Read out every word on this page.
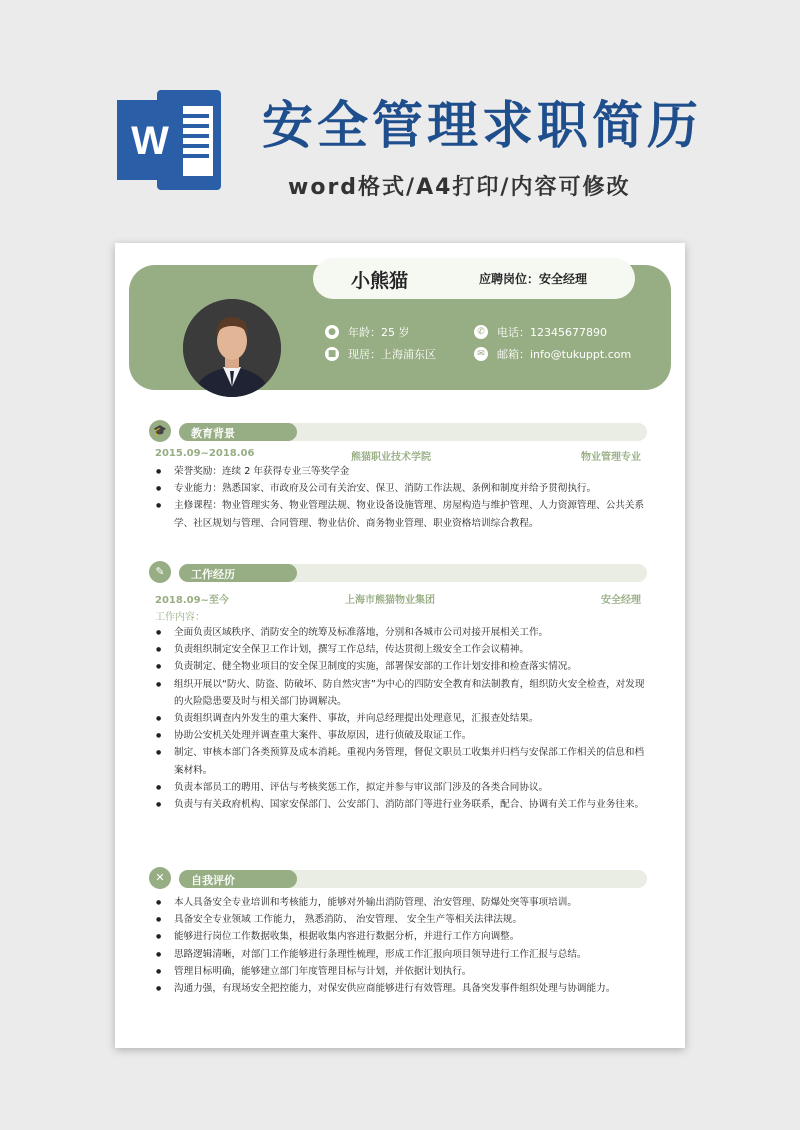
W 安全管理求职简历
word格式/A4打印/内容可修改
小熊猫	应聘岗位：安全经理
● 年龄：25 岁
■ 现居：上海浦东区
✆ 电话：12345677890
✉ 邮箱：info@tukuppt.com
🎓	教育背景
2015.09~2018.06	熊猫职业技术学院	物业管理专业
● 荣誉奖励：连续 2 年获得专业三等奖学金
● 专业能力：熟悉国家、市政府及公司有关治安、保卫、消防工作法规、条例和制度并给予贯彻执行。
● 主修课程：物业管理实务、物业管理法规、物业设备设施管理、房屋构造与维护管理、人力资源管理、公共关系学、社区规划与管理、合同管理、物业估价、商务物业管理、职业资格培训综合教程。
✎	工作经历
2018.09~至今	上海市熊猫物业集团	安全经理
工作内容：
● 全面负责区域秩序、消防安全的统筹及标准落地，分别和各城市公司对接开展相关工作。
● 负责组织制定安全保卫工作计划，撰写工作总结，传达贯彻上级安全工作会议精神。
● 负责制定、健全物业项目的安全保卫制度的实施，部署保安部的工作计划安排和检查落实情况。
● 组织开展以“防火、防盗、防破坏、防自然灾害”为中心的四防安全教育和法制教育，组织防火安全检查，对发现的火险隐患要及时与相关部门协调解决。
● 负责组织调查内外发生的重大案件、事故，并向总经理提出处理意见，汇报查处结果。
● 协助公安机关处理并调查重大案件、事故原因，进行侦破及取证工作。
● 制定、审核本部门各类预算及成本消耗。重视内务管理，督促文职员工收集并归档与安保部工作相关的信息和档案材料。
● 负责本部员工的聘用、评估与考核奖惩工作，拟定并参与审议部门涉及的各类合同协议。
● 负责与有关政府机构、国家安保部门、公安部门、消防部门等进行业务联系，配合、协调有关工作与业务往来。
✕	自我评价
● 本人具备安全专业培训和考核能力，能够对外输出消防管理、治安管理、防爆处突等事项培训。
● 具备安全专业领域 工作能力， 熟悉消防、 治安管理、 安全生产等相关法律法规。
● 能够进行岗位工作数据收集，根据收集内容进行数据分析，并进行工作方向调整。
● 思路逻辑清晰，对部门工作能够进行条理性梳理，形成工作汇报向项目领导进行工作汇报与总结。
● 管理目标明确，能够建立部门年度管理目标与计划，并依据计划执行。
● 沟通力强，有现场安全把控能力，对保安供应商能够进行有效管理。具备突发事件组织处理与协调能力。
